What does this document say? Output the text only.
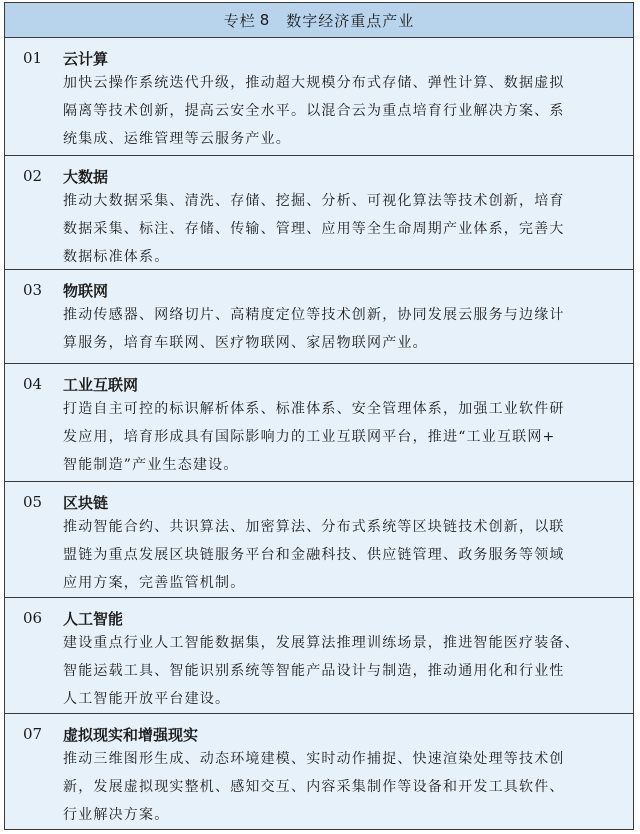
专栏 8 数字经济重点产业
01	云计算
加快云操作系统迭代升级，推动超大规模分布式存储、弹性计算、数据虚拟
隔离等技术创新，提高云安全水平。以混合云为重点培育行业解决方案、系
统集成、运维管理等云服务产业。
02	大数据
推动大数据采集、清洗、存储、挖掘、分析、可视化算法等技术创新，培育
数据采集、标注、存储、传输、管理、应用等全生命周期产业体系，完善大
数据标准体系。
03	物联网
推动传感器、网络切片、高精度定位等技术创新，协同发展云服务与边缘计
算服务，培育车联网、医疗物联网、家居物联网产业。
04	工业互联网
打造自主可控的标识解析体系、标准体系、安全管理体系，加强工业软件研
发应用，培育形成具有国际影响力的工业互联网平台，推进“工业互联网+
智能制造”产业生态建设。
05	区块链
推动智能合约、共识算法、加密算法、分布式系统等区块链技术创新，以联
盟链为重点发展区块链服务平台和金融科技、供应链管理、政务服务等领域
应用方案，完善监管机制。
06	人工智能
建设重点行业人工智能数据集，发展算法推理训练场景，推进智能医疗装备、
智能运载工具、智能识别系统等智能产品设计与制造，推动通用化和行业性
人工智能开放平台建设。
07	虚拟现实和增强现实
推动三维图形生成、动态环境建模、实时动作捕捉、快速渲染处理等技术创
新，发展虚拟现实整机、感知交互、内容采集制作等设备和开发工具软件、
行业解决方案。
